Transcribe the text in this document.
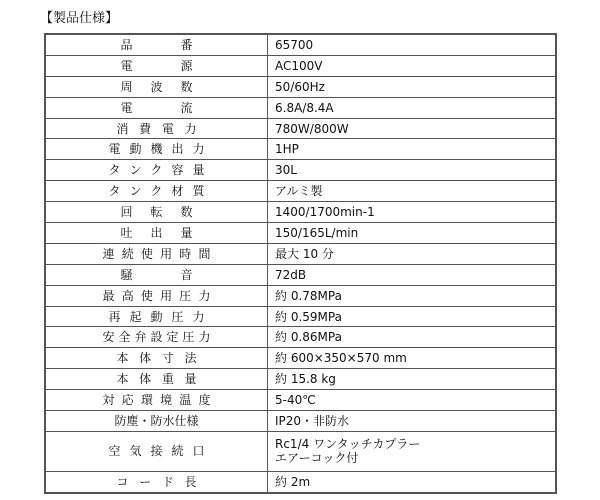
【製品仕様】
品番	65700
電源	AC100V
周波数	50/60Hz
電流	6.8A/8.4A
消費電力	780W/800W
電動機出力	1HP
タンク容量	30L
タンク材質	アルミ製
回転数	1400/1700min-1
吐出量	150/165L/min
連続使用時間	最大 10 分
騒音	72dB
最高使用圧力	約 0.78MPa
再起動圧力	約 0.59MPa
安全弁設定圧力	約 0.86MPa
本体寸法	約 600×350×570 mm
本体重量	約 15.8 kg
対応環境温度	5-40℃
防塵・防水仕様	IP20・非防水
空気接続口	Rc1/4 ワンタッチカプラー
エアーコック付
コード長	約 2m
